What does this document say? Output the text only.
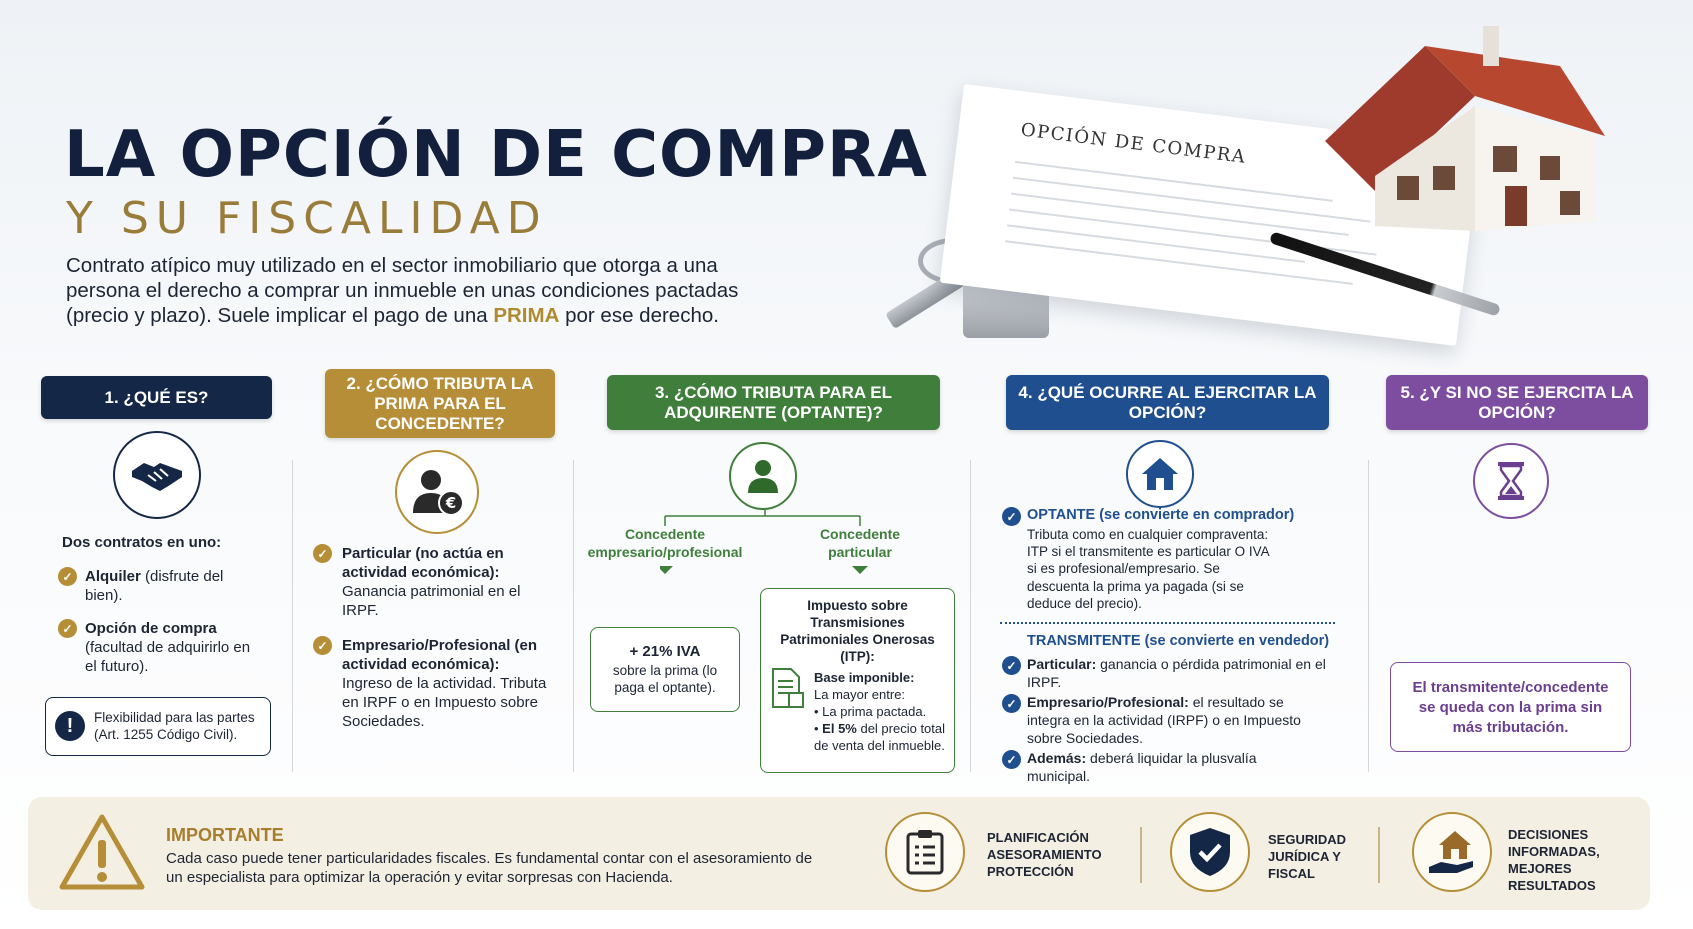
LA OPCIÓN DE COMPRA
Y SU FISCALIDAD
Contrato atípico muy utilizado en el sector inmobiliario que otorga a una persona el derecho a comprar un inmueble en unas condiciones pactadas (precio y plazo). Suele implicar el pago de una PRIMA por ese derecho.
OPCIÓN DE COMPRA
1. ¿QUÉ ES?
Dos contratos en uno:
✓ Alquiler (disfrute del bien).
✓ Opción de compra (facultad de adquirirlo en el futuro).
!	Flexibilidad para las partes (Art. 1255 Código Civil).
2. ¿CÓMO TRIBUTA LA PRIMA PARA EL CONCEDENTE?
€
✓ Particular (no actúa en actividad económica):
Ganancia patrimonial en el IRPF.
✓ Empresario/Profesional (en actividad económica):
Ingreso de la actividad. Tributa en IRPF o en Impuesto sobre Sociedades.
3. ¿CÓMO TRIBUTA PARA EL ADQUIRENTE (OPTANTE)?
Concedente empresario/profesional
Concedente particular
+ 21% IVA
sobre la prima (lo paga el optante).
Impuesto sobre Transmisiones Patrimoniales Onerosas (ITP):
Base imponible:
La mayor entre:
• La prima pactada.
• El 5% del precio total de venta del inmueble.
4. ¿QUÉ OCURRE AL EJERCITAR LA OPCIÓN?
✓ OPTANTE (se convierte en comprador)
Tributa como en cualquier compraventa: ITP si el transmitente es particular O IVA si es profesional/empresario. Se descuenta la prima ya pagada (si se deduce del precio).
TRANSMITENTE (se convierte en vendedor)
✓ Particular: ganancia o pérdida patrimonial en el IRPF.
✓ Empresario/Profesional: el resultado se integra en la actividad (IRPF) o en Impuesto sobre Sociedades.
✓ Además: deberá liquidar la plusvalía municipal.
5. ¿Y SI NO SE EJERCITA LA OPCIÓN?
El transmitente/concedente se queda con la prima sin más tributación.
IMPORTANTE
Cada caso puede tener particularidades fiscales. Es fundamental contar con el asesoramiento de un especialista para optimizar la operación y evitar sorpresas con Hacienda.
PLANIFICACIÓN ASESORAMIENTO PROTECCIÓN
SEGURIDAD JURÍDICA Y FISCAL
DECISIONES INFORMADAS, MEJORES RESULTADOS
